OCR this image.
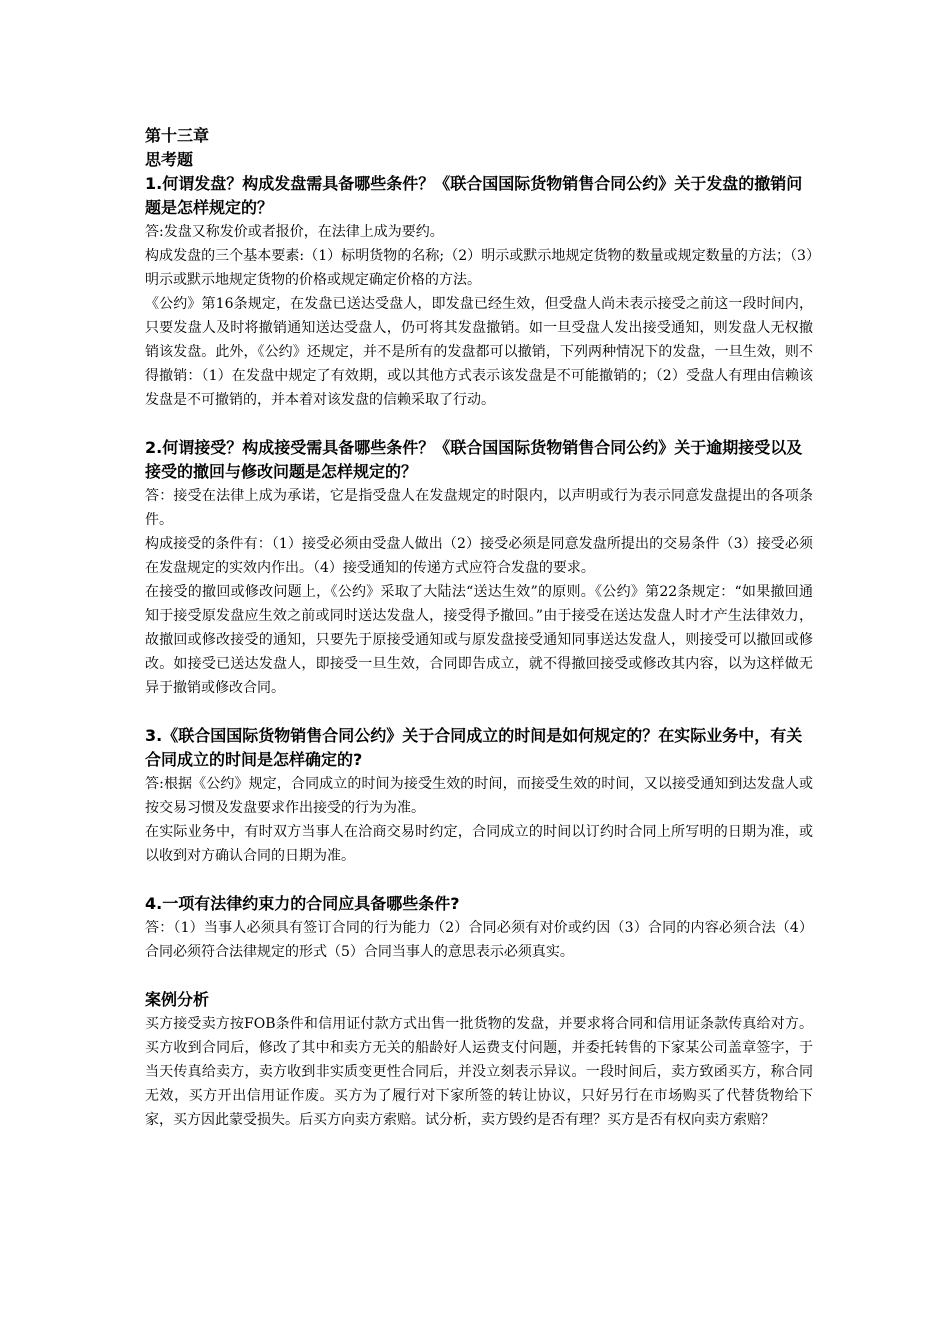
第十三章

思考题

1.何谓发盘？构成发盘需具备哪些条件？《联合国国际货物销售合同公约》关于发盘的撤销问题是怎样规定的？

答:发盘又称发价或者报价，在法律上成为要约。

构成发盘的三个基本要素:（1）标明货物的名称;（2）明示或默示地规定货物的数量或规定数量的方法；（3）明示或默示地规定货物的价格或规定确定价格的方法。

《公约》第16条规定，在发盘已送达受盘人，即发盘已经生效，但受盘人尚未表示接受之前这一段时间内，只要发盘人及时将撤销通知送达受盘人，仍可将其发盘撤销。如一旦受盘人发出接受通知，则发盘人无权撤销该发盘。此外，《公约》还规定，并不是所有的发盘都可以撤销，下列两种情况下的发盘，一旦生效，则不得撤销：（1）在发盘中规定了有效期，或以其他方式表示该发盘是不可能撤销的；（2）受盘人有理由信赖该发盘是不可撤销的，并本着对该发盘的信赖采取了行动。

2.何谓接受？构成接受需具备哪些条件？《联合国国际货物销售合同公约》关于逾期接受以及接受的撤回与修改问题是怎样规定的？

答：接受在法律上成为承诺，它是指受盘人在发盘规定的时限内，以声明或行为表示同意发盘提出的各项条件。

构成接受的条件有：（1）接受必须由受盘人做出（2）接受必须是同意发盘所提出的交易条件（3）接受必须在发盘规定的实效内作出。（4）接受通知的传递方式应符合发盘的要求。

在接受的撤回或修改问题上，《公约》采取了大陆法“送达生效”的原则。《公约》第22条规定：“如果撤回通知于接受原发盘应生效之前或同时送达发盘人，接受得予撤回。”由于接受在送达发盘人时才产生法律效力，故撤回或修改接受的通知，只要先于原接受通知或与原发盘接受通知同事送达发盘人，则接受可以撤回或修改。如接受已送达发盘人，即接受一旦生效，合同即告成立，就不得撤回接受或修改其内容，以为这样做无异于撤销或修改合同。

3.《联合国国际货物销售合同公约》关于合同成立的时间是如何规定的？在实际业务中，有关合同成立的时间是怎样确定的?

答:根据《公约》规定，合同成立的时间为接受生效的时间，而接受生效的时间，又以接受通知到达发盘人或按交易习惯及发盘要求作出接受的行为为准。

在实际业务中，有时双方当事人在洽商交易时约定，合同成立的时间以订约时合同上所写明的日期为准，或以收到对方确认合同的日期为准。

4.一项有法律约束力的合同应具备哪些条件?

答：（1）当事人必须具有签订合同的行为能力（2）合同必须有对价或约因（3）合同的内容必须合法（4）合同必须符合法律规定的形式（5）合同当事人的意思表示必须真实。

案例分析

买方接受卖方按FOB条件和信用证付款方式出售一批货物的发盘，并要求将合同和信用证条款传真给对方。买方收到合同后，修改了其中和卖方无关的船龄好人运费支付问题，并委托转售的下家某公司盖章签字，于当天传真给卖方，卖方收到非实质变更性合同后，并没立刻表示异议。一段时间后，卖方致函买方，称合同无效，买方开出信用证作废。买方为了履行对下家所签的转让协议，只好另行在市场购买了代替货物给下家，买方因此蒙受损失。后买方向卖方索赔。试分析，卖方毁约是否有理？买方是否有权向卖方索赔？
